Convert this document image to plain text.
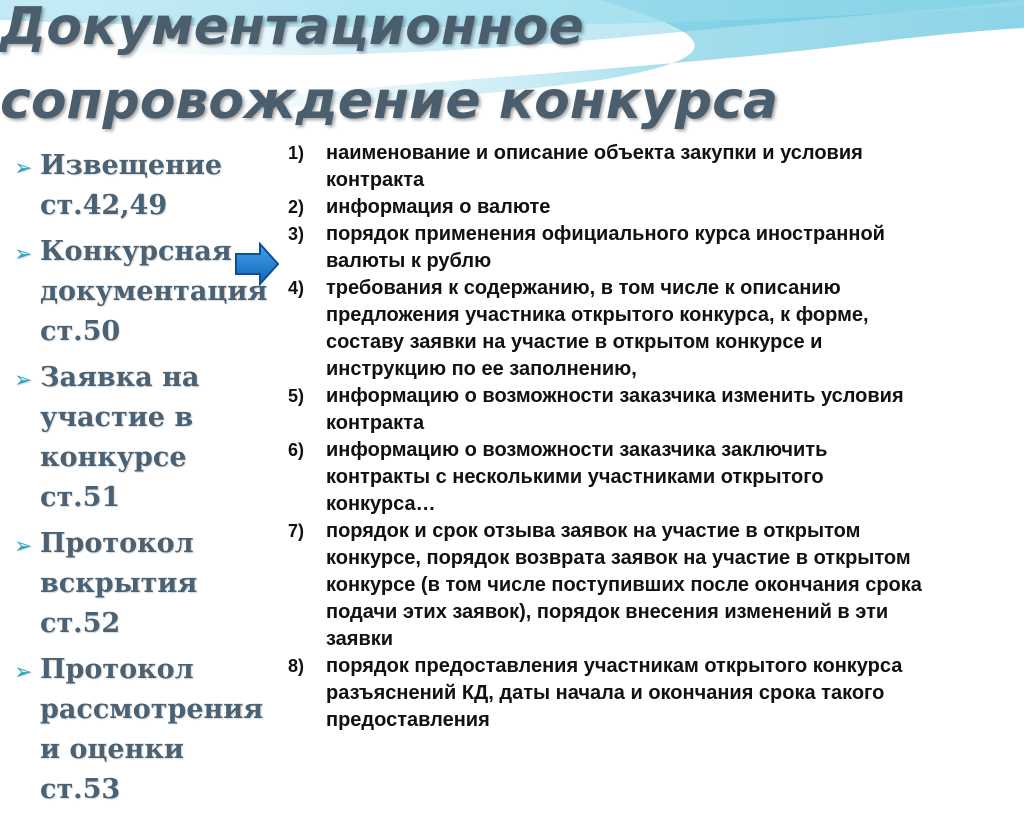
Документационное
сопровождение конкурса
➢ Извещение
ст.42,49
➢ Конкурсная
документация
ст.50
➢ Заявка на
участие в
конкурсе ст.51
➢ Протокол
вскрытия
ст.52
➢ Протокол
рассмотрения
и оценки ст.53
1) наименование и описание объекта закупки и условия
контракта
2) информация о валюте
3) порядок применения официального курса иностранной
валюты к рублю
4) требования к содержанию, в том числе к описанию
предложения участника открытого конкурса, к форме,
составу заявки на участие в открытом конкурсе и
инструкцию по ее заполнению,
5) информацию о возможности заказчика изменить условия
контракта
6) информацию о возможности заказчика заключить
контракты с несколькими участниками открытого
конкурса…
7) порядок и срок отзыва заявок на участие в открытом
конкурсе, порядок возврата заявок на участие в открытом
конкурсе (в том числе поступивших после окончания срока
подачи этих заявок), порядок внесения изменений в эти
заявки
8) порядок предоставления участникам открытого конкурса
разъяснений КД, даты начала и окончания срока такого
предоставления
